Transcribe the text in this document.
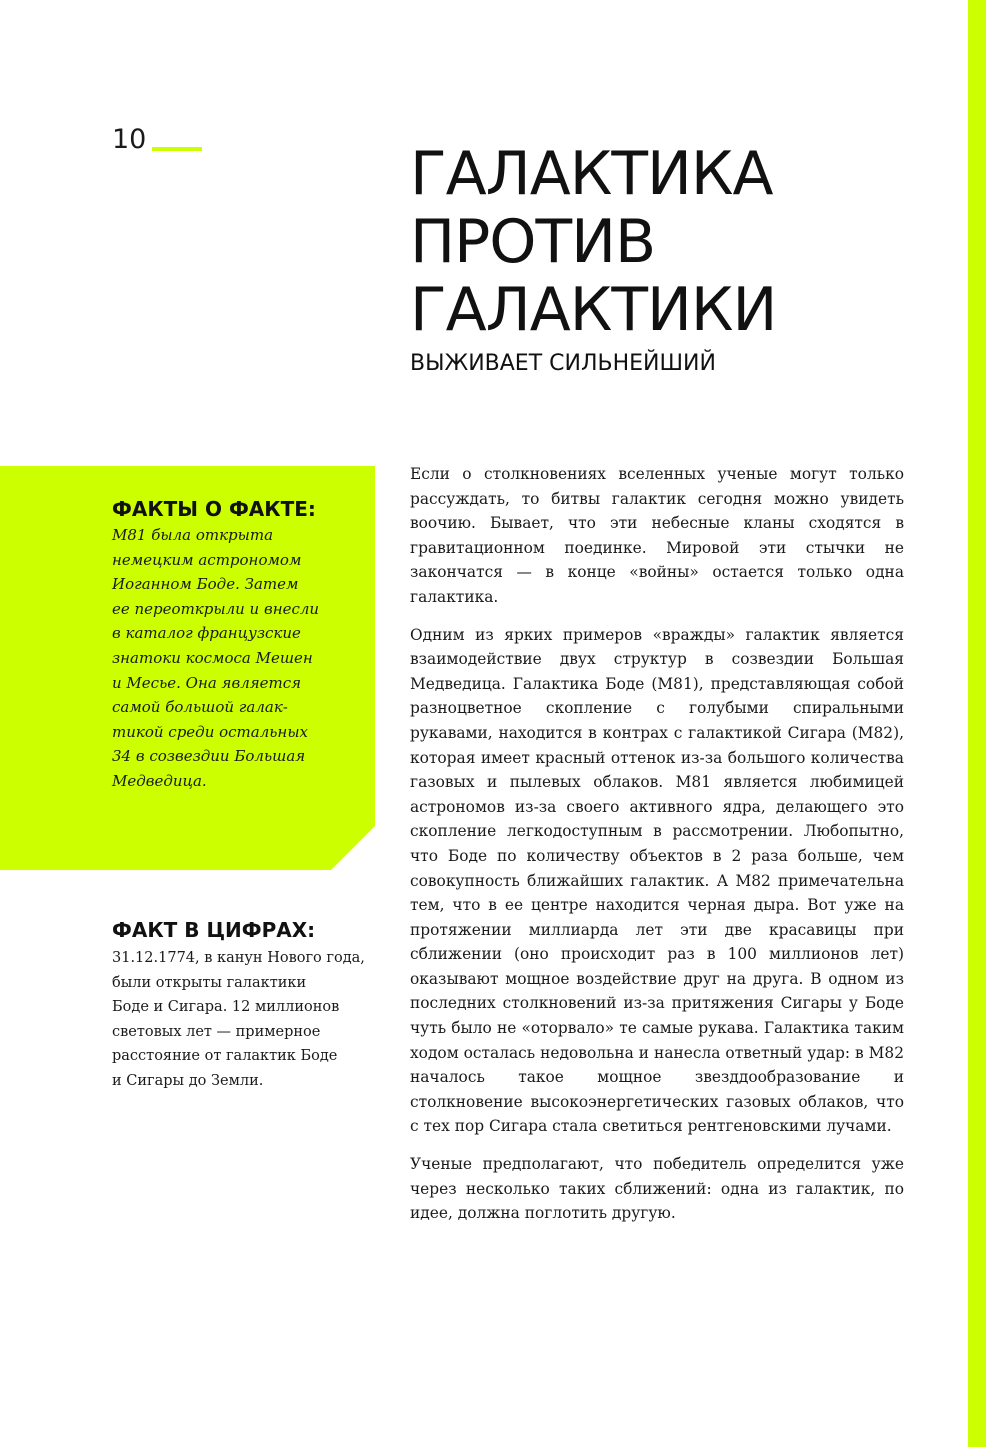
10	ГАЛАКТИКА
ПРОТИВ
ГАЛАКТИКИ
ВЫЖИВАЕТ СИЛЬНЕЙШИЙ
ФАКТЫ О ФАКТЕ:
M81 была открыта
немецким астрономом
Иоганном Боде. Затем
ее переоткрыли и внесли
в каталог французские
знатоки космоса Мешен
и Месье. Она является
самой большой галак-
тикой среди остальных
34 в созвездии Большая
Медведица.
ФАКТ В ЦИФРАХ:
31.12.1774, в канун Нового года,
были открыты галактики
Боде и Сигара. 12 миллионов
световых лет — примерное
расстояние от галактик Боде
и Сигары до Земли.

Если о столкновениях вселенных ученые могут только рассуждать, то битвы галактик сегодня можно увидеть воочию. Бывает, что эти небесные кланы сходятся в гравитационном поединке. Мировой эти стычки не закончатся — в конце «войны» остается только одна галактика.

Одним из ярких примеров «вражды» галактик является взаимодействие двух структур в созвездии Большая Медведица. Галактика Боде (M81), представляющая собой разноцветное скопление с голубыми спиральными рукавами, находится в контрах с галактикой Сигара (M82), которая имеет красный оттенок из-за большого количества газовых и пылевых облаков. M81 является любимицей астрономов из-за своего активного ядра, делающего это скопление легкодоступным в рассмотрении. Любопытно, что Боде по количеству объектов в 2 раза больше, чем совокупность ближайших галактик. А M82 примечательна тем, что в ее центре находится черная дыра. Вот уже на протяжении миллиарда лет эти две красавицы при сближении (оно происходит раз в 100 миллионов лет) оказывают мощное воздействие друг на друга. В одном из последних столкновений из-за притяжения Сигары у Боде чуть было не «оторвало» те самые рукава. Галактика таким ходом осталась недовольна и нанесла ответный удар: в M82 началось такое мощное звезддообразование и столкновение высокоэнергетических газовых облаков, что с тех пор Сигара стала светиться рентгеновскими лучами.

Ученые предполагают, что победитель определится уже через несколько таких сближений: одна из галактик, по идее, должна поглотить другую.
